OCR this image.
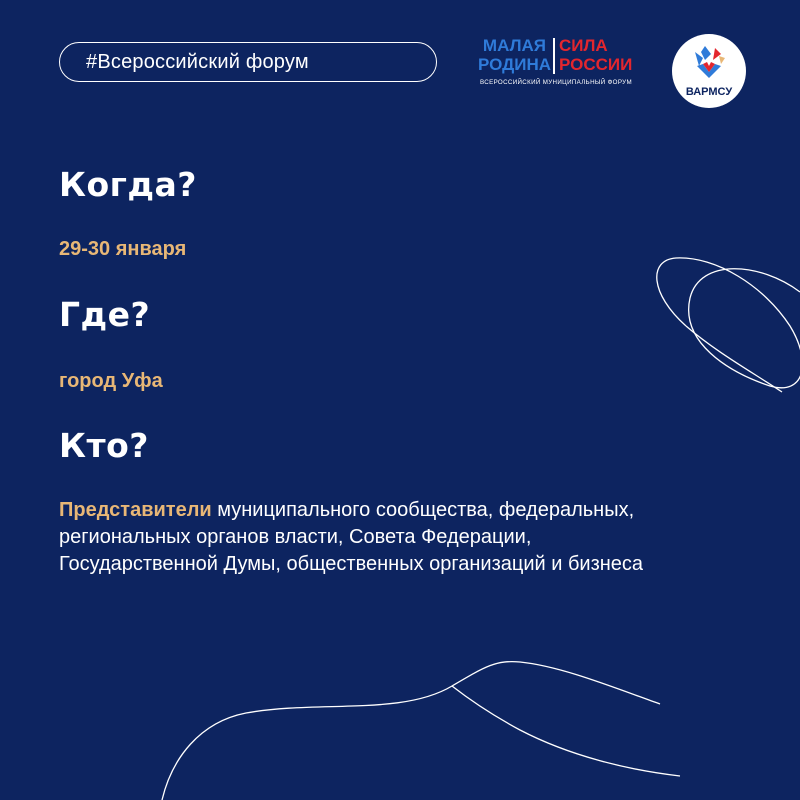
#Всероссийский форум
МАЛАЯ
РОДИНА
СИЛА
РОССИИ
ВСЕРОССИЙСКИЙ МУНИЦИПАЛЬНЫЙ ФОРУМ
ВАРМСУ
Когда?
29-30 января
Где?
город Уфа
Кто?
Представители муниципального сообщества, федеральных, региональных органов власти, Совета Федерации, Государственной Думы, общественных организаций и бизнеса
